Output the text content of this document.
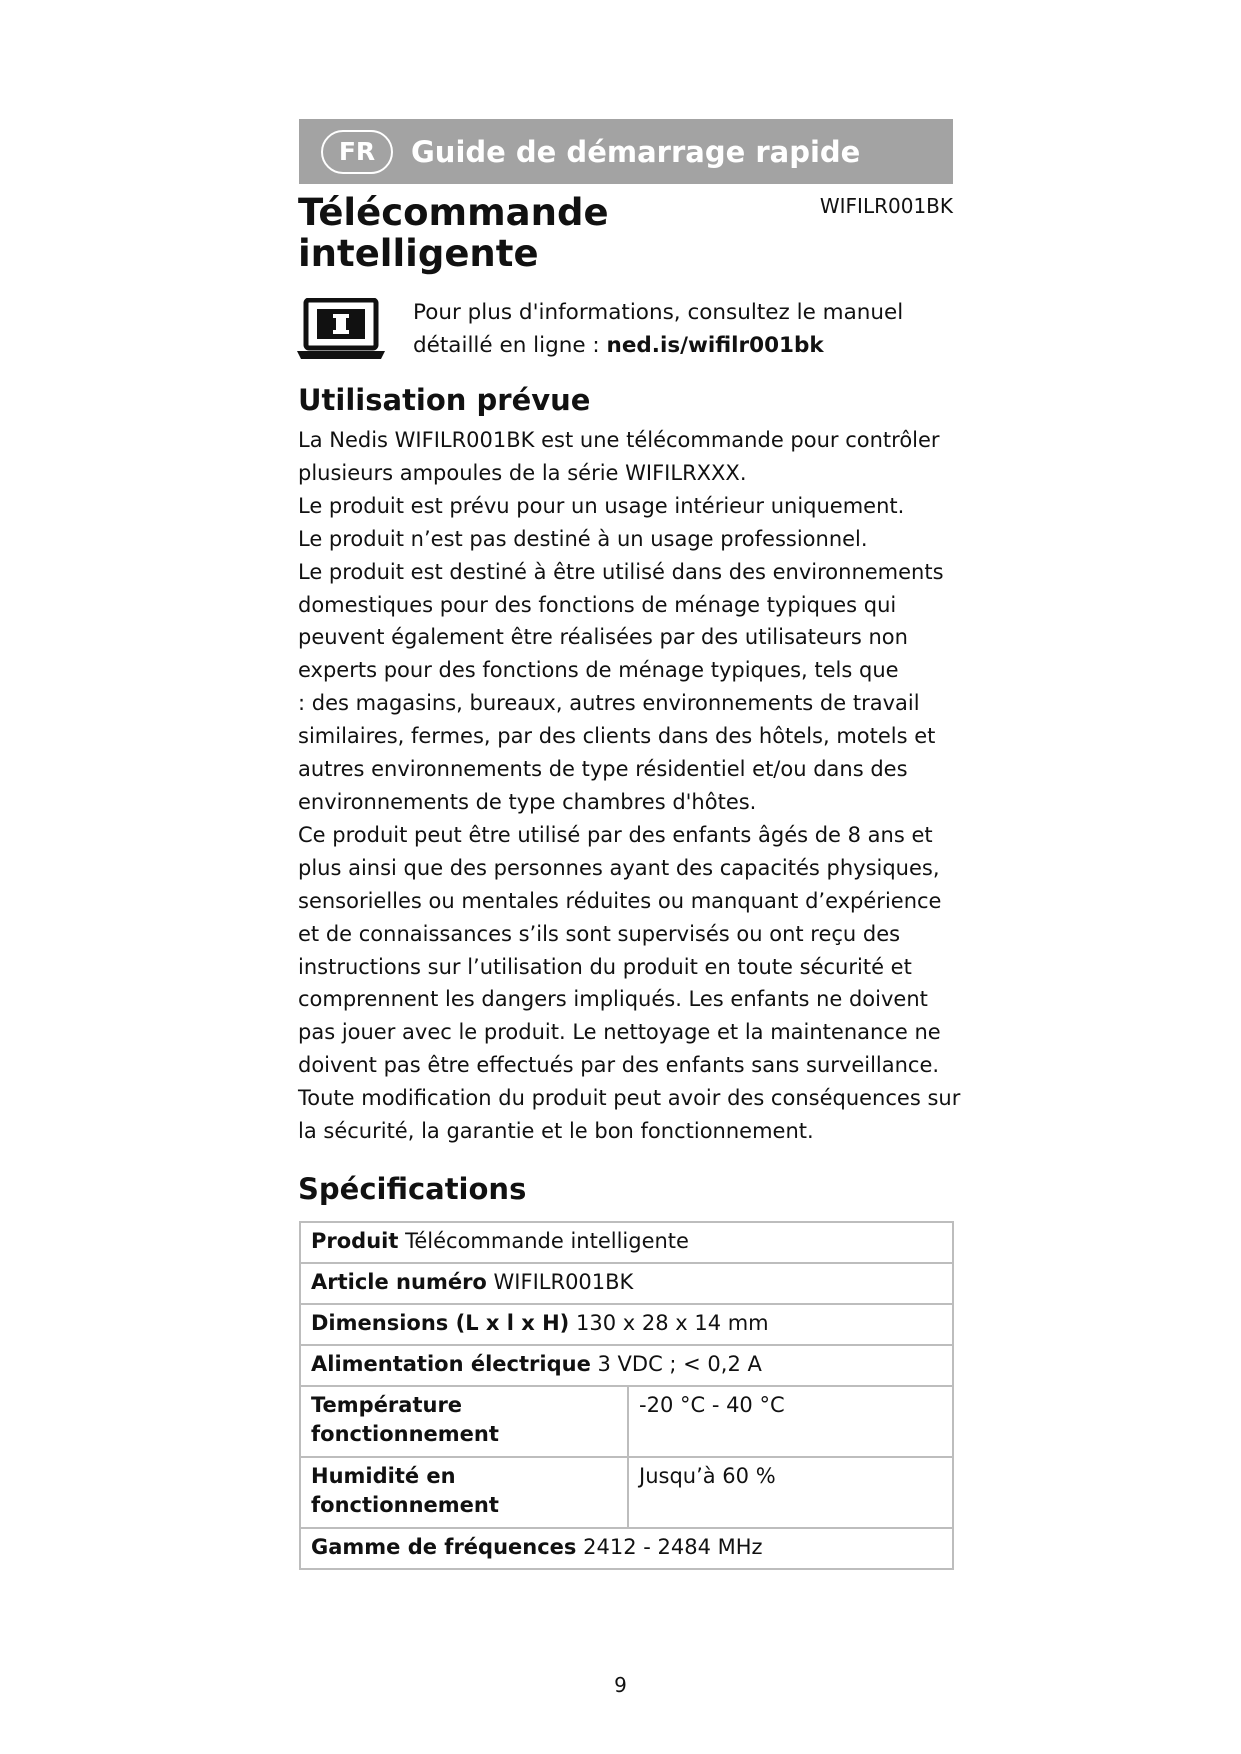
FR	Guide de démarrage rapide
Télécommande
intelligente
WIFILR001BK
Pour plus d'informations, consultez le manuel
détaillé en ligne : ned.is/wifilr001bk
Utilisation prévue
La Nedis WIFILR001BK est une télécommande pour contrôler
plusieurs ampoules de la série WIFILRXXX.
Le produit est prévu pour un usage intérieur uniquement.
Le produit n’est pas destiné à un usage professionnel.
Le produit est destiné à être utilisé dans des environnements
domestiques pour des fonctions de ménage typiques qui
peuvent également être réalisées par des utilisateurs non
experts pour des fonctions de ménage typiques, tels que
: des magasins, bureaux, autres environnements de travail
similaires, fermes, par des clients dans des hôtels, motels et
autres environnements de type résidentiel et/ou dans des
environnements de type chambres d'hôtes.
Ce produit peut être utilisé par des enfants âgés de 8 ans et
plus ainsi que des personnes ayant des capacités physiques,
sensorielles ou mentales réduites ou manquant d’expérience
et de connaissances s’ils sont supervisés ou ont reçu des
instructions sur l’utilisation du produit en toute sécurité et
comprennent les dangers impliqués. Les enfants ne doivent
pas jouer avec le produit. Le nettoyage et la maintenance ne
doivent pas être effectués par des enfants sans surveillance.
Toute modification du produit peut avoir des conséquences sur
la sécurité, la garantie et le bon fonctionnement.
Spécifications
Produit Télécommande intelligente	
Article numéro WIFILR001BK	
Dimensions (L x l x H) 130 x 28 x 14 mm	
Alimentation électrique 3 VDC ; < 0,2 A	
Température fonctionnement	-20 °C - 40 °C
Humidité en fonctionnement	Jusqu’à 60 %
Gamme de fréquences 2412 - 2484 MHz	
9
